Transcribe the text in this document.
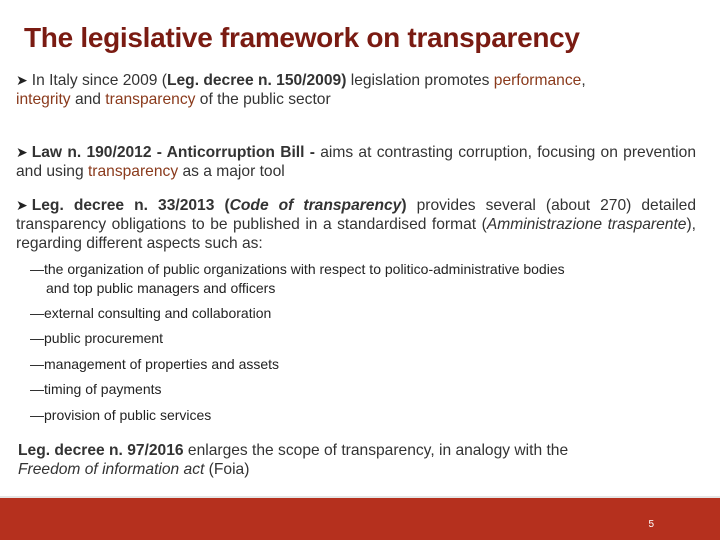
The legislative framework on transparency
➤ In Italy since 2009 (Leg. decree n. 150/2009) legislation promotes performance,
integrity and transparency of the public sector
➤ Law n. 190/2012 - Anticorruption Bill - aims at contrasting corruption, focusing on prevention and using transparency as a major tool
➤ Leg. decree n. 33/2013 (Code of transparency) provides several (about 270) detailed transparency obligations to be published in a standardised format (Amministrazione trasparente), regarding different aspects such as:
—the organization of public organizations with respect to politico-administrative bodies
and top public managers and officers
—external consulting and collaboration
—public procurement
—management of properties and assets
—timing of payments
—provision of public services
Leg. decree n. 97/2016 enlarges the scope of transparency, in analogy with the
Freedom of information act (Foia)
5
